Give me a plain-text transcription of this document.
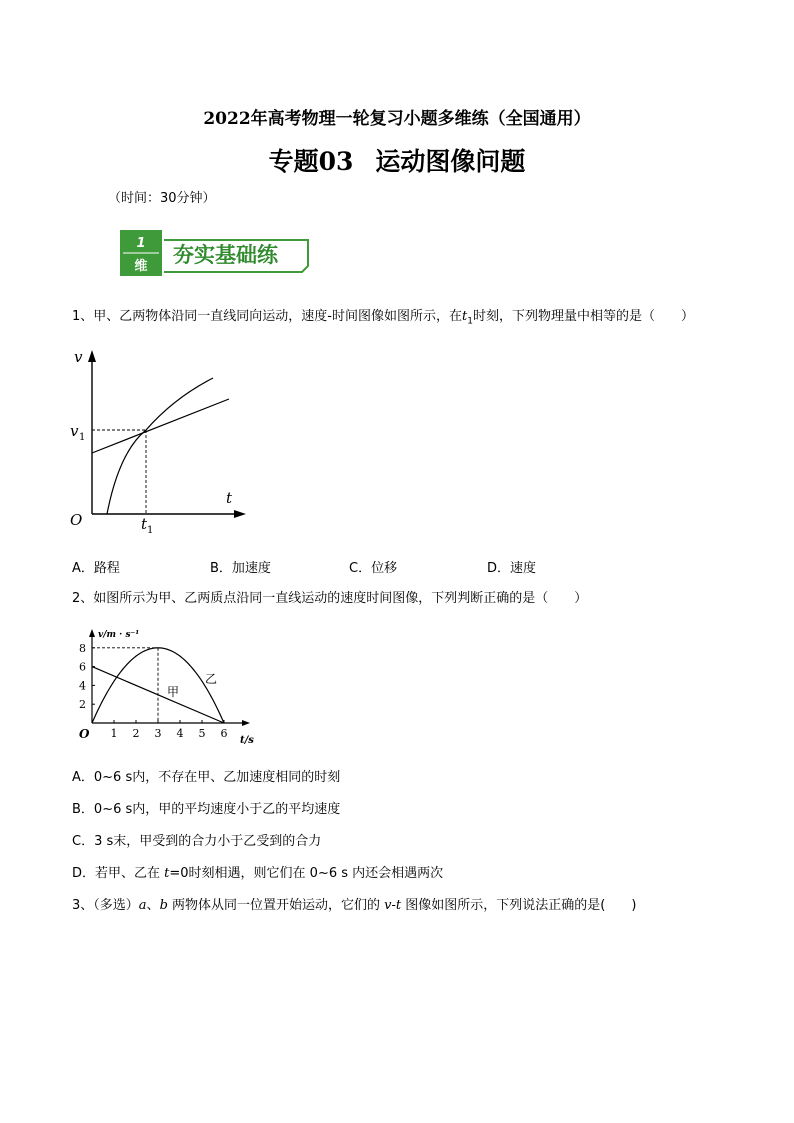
2022年高考物理一轮复习小题多维练（全国通用）
专题03 运动图像问题
（时间：30分钟）
1
维 夯实基础练
1、甲、乙两物体沿同一直线同向运动，速度-时间图像如图所示，在$t_1$时刻，下列物理量中相等的是（　　）
v
t
O
v 1
t 1
A．路程	B．加速度	C．位移	D．速度
2、如图所示为甲、乙两质点沿同一直线运动的速度时间图像，下列判断正确的是（　　）
v/m · s⁻¹
t/s
O 1 2 3 4 5 6
2
4
6
8
甲
乙
A．0~6 s内，不存在甲、乙加速度相同的时刻
B．0~6 s内，甲的平均速度小于乙的平均速度
C．3 s末，甲受到的合力小于乙受到的合力
D．若甲、乙在 t=0时刻相遇，则它们在 0~6 s 内还会相遇两次
3、（多选）a、b 两物体从同一位置开始运动，它们的 v-t 图像如图所示，下列说法正确的是(　　)
